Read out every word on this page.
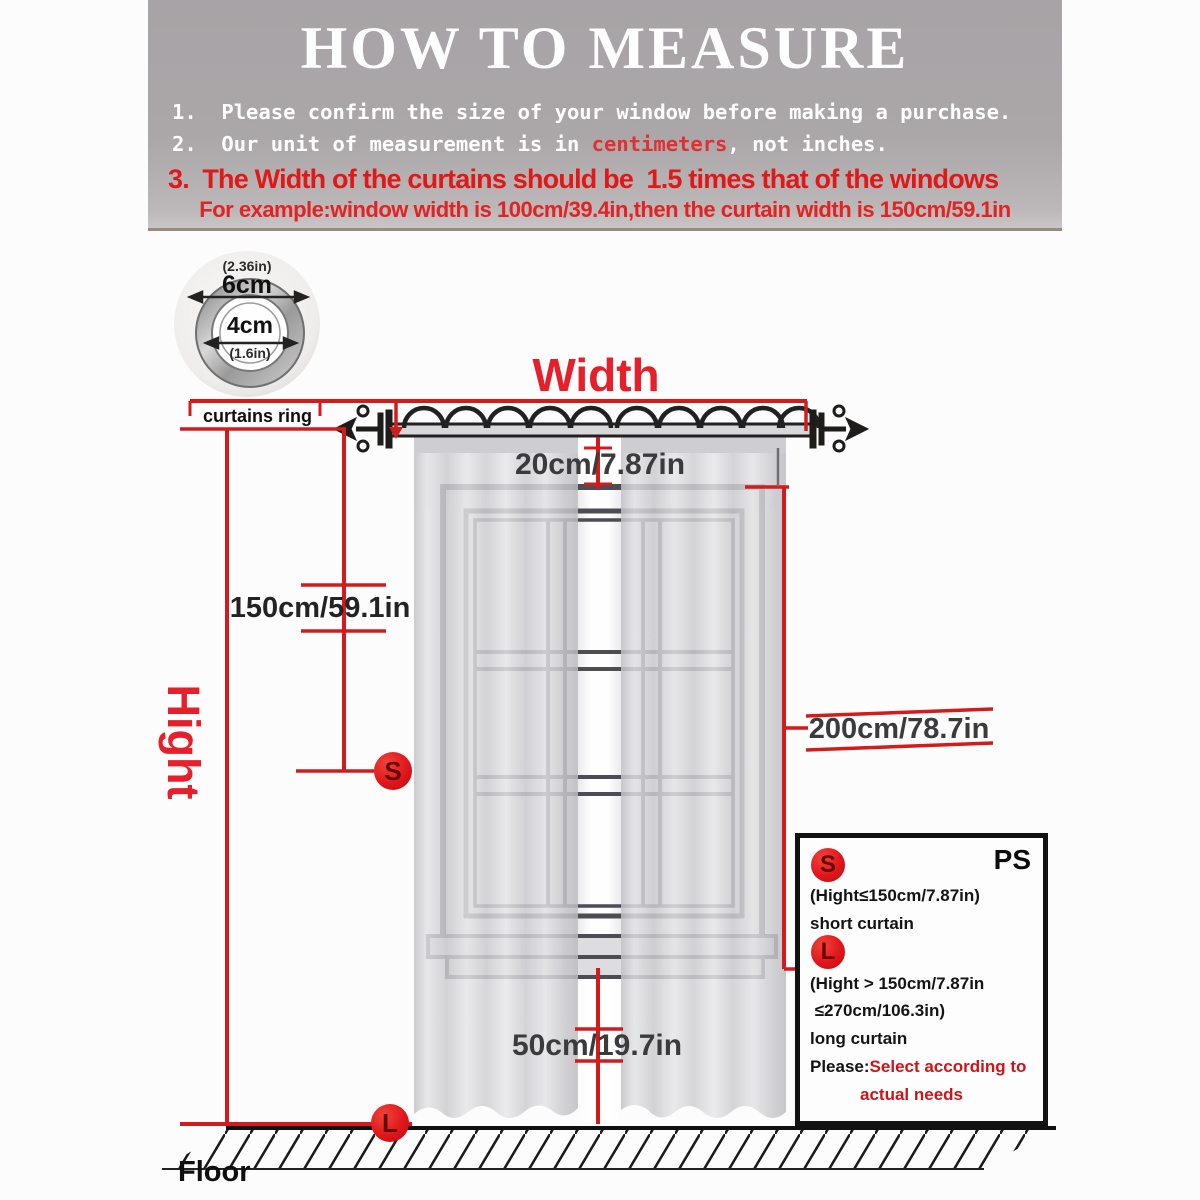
HOW TO MEASURE
1.  Please confirm the size of your window before making a purchase.
2.  Our unit of measurement is in centimeters, not inches.
3.  The Width of the curtains should be  1.5 times that of the windows
For example:window width is 100cm/39.4in,then the curtain width is 150cm/59.1in
(2.36in)
6cm
4cm
(1.6in)
curtains ring
Width
Hight
20cm/7.87in
150cm/59.1in
200cm/78.7in
50cm/19.7in
Floor
S
L
S	PS
(Hight≤150cm/7.87in)
short curtain
L
(Hight > 150cm/7.87in
≤270cm/106.3in)
long curtain
Please:Select according to
actual needs
